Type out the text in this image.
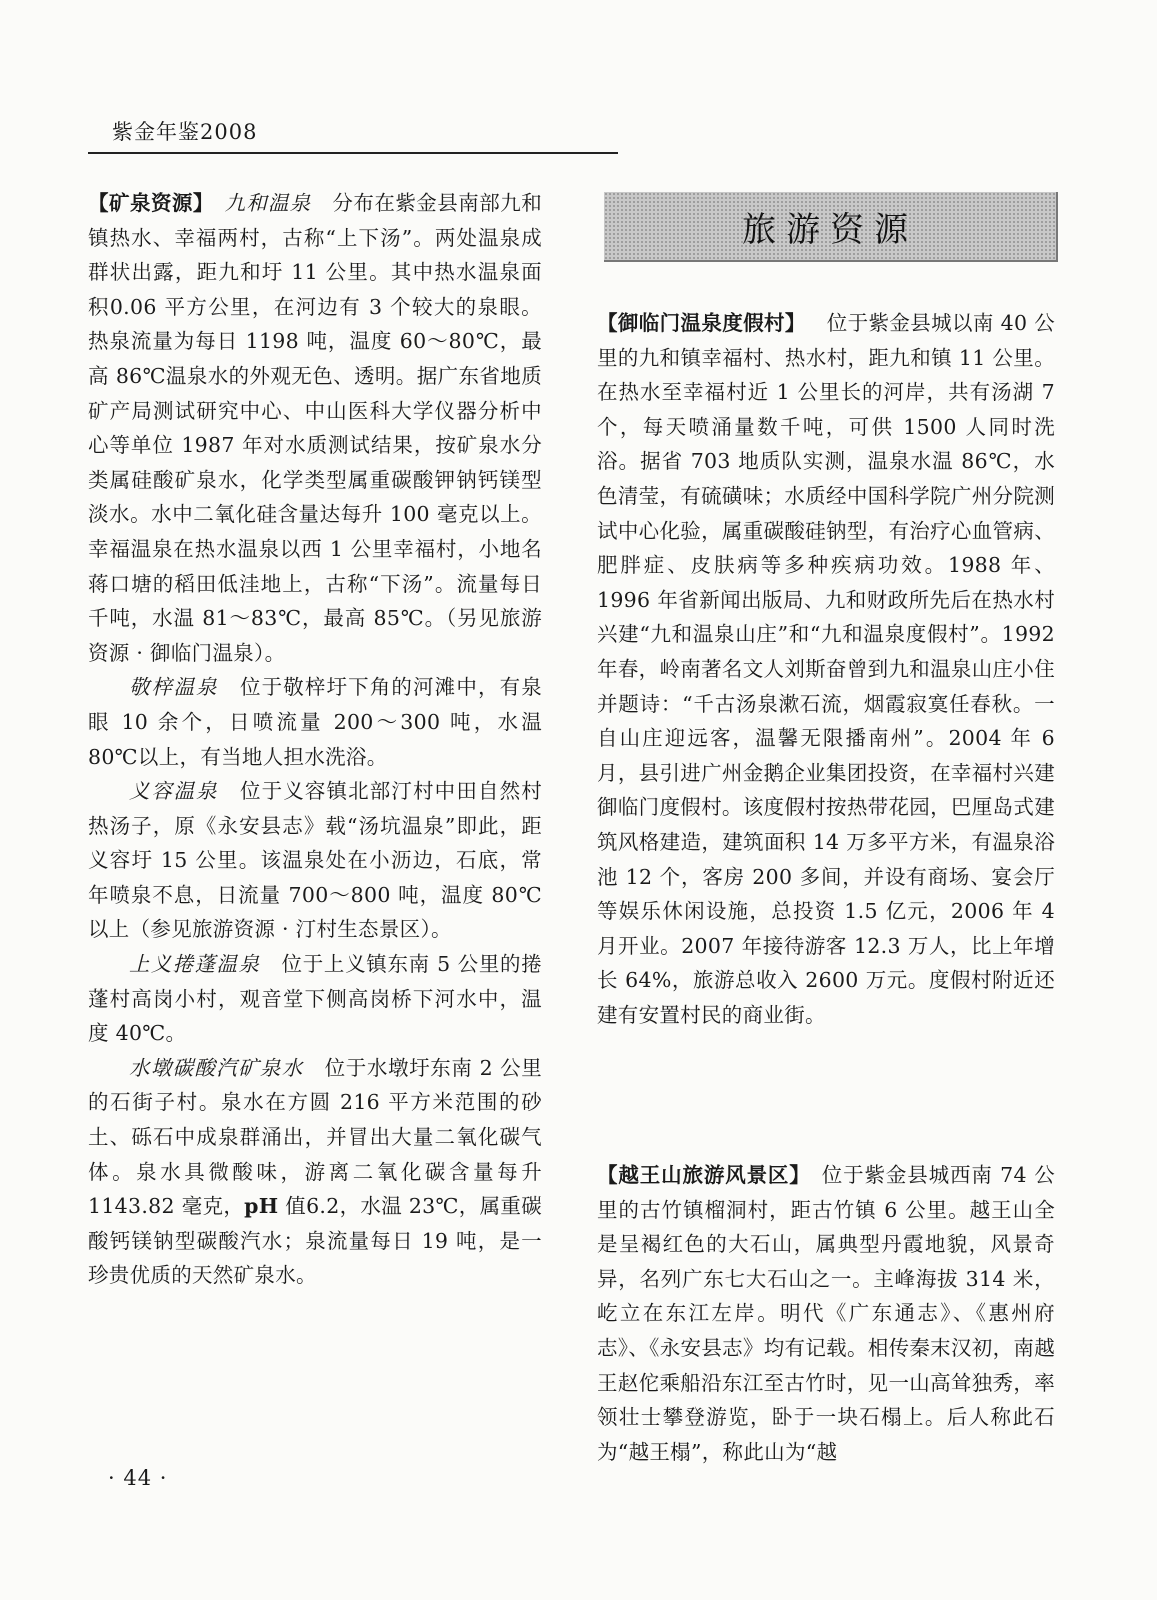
紫金年鉴2008

【矿泉资源】  九和温泉  分布在紫金县南部九和镇热水、幸福两村，古称“上下汤”。两处温泉成群状出露，距九和圩 11 公里。其中热水温泉面积0.06 平方公里，在河边有 3 个较大的泉眼。热泉流量为每日 1198 吨，温度 60～80℃，最高 86℃温泉水的外观无色、透明。据广东省地质矿产局测试研究中心、中山医科大学仪器分析中心等单位 1987 年对水质测试结果，按矿泉水分类属硅酸矿泉水，化学类型属重碳酸钾钠钙镁型淡水。水中二氧化硅含量达每升 100 毫克以上。幸福温泉在热水温泉以西 1 公里幸福村，小地名蒋口塘的稻田低洼地上，古称“下汤”。流量每日千吨，水温 81～83℃，最高 85℃。（另见旅游资源 · 御临门温泉）。

敬梓温泉  位于敬梓圩下角的河滩中，有泉眼 10 余个，日喷流量 200～300 吨，水温 80℃以上，有当地人担水洗浴。

义容温泉  位于义容镇北部汀村中田自然村热汤子，原《永安县志》载“汤坑温泉”即此，距义容圩 15 公里。该温泉处在小沥边，石底，常年喷泉不息，日流量 700～800 吨，温度 80℃以上（参见旅游资源 · 汀村生态景区）。

上义捲蓬温泉  位于上义镇东南 5 公里的捲蓬村高岗小村，观音堂下侧高岗桥下河水中，温度 40℃。

水墩碳酸汽矿泉水  位于水墩圩东南 2 公里的石街子村。泉水在方圆 216 平方米范围的砂土、砾石中成泉群涌出，并冒出大量二氧化碳气体。泉水具微酸味，游离二氧化碳含量每升 1143.82 毫克，pH 值6.2，水温 23℃，属重碳酸钙镁钠型碳酸汽水；泉流量每日 19 吨，是一珍贵优质的天然矿泉水。

旅游资源

【御临门温泉度假村】  位于紫金县城以南 40 公里的九和镇幸福村、热水村，距九和镇 11 公里。在热水至幸福村近 1 公里长的河岸，共有汤湖 7 个，每天喷涌量数千吨，可供 1500 人同时洗浴。据省 703 地质队实测，温泉水温 86℃，水色清莹，有硫磺味；水质经中国科学院广州分院测试中心化验，属重碳酸硅钠型，有治疗心血管病、肥胖症、皮肤病等多种疾病功效。1988 年、1996 年省新闻出版局、九和财政所先后在热水村兴建“九和温泉山庄”和“九和温泉度假村”。1992 年春，岭南著名文人刘斯奋曾到九和温泉山庄小住并题诗：“千古汤泉漱石流，烟霞寂寞任春秋。一自山庄迎远客，温馨无限播南州”。2004 年 6 月，县引进广州金鹅企业集团投资，在幸福村兴建御临门度假村。该度假村按热带花园，巴厘岛式建筑风格建造，建筑面积 14 万多平方米，有温泉浴池 12 个，客房 200 多间，并设有商场、宴会厅等娱乐休闲设施，总投资 1.5 亿元，2006 年 4 月开业。2007 年接待游客 12.3 万人，比上年增长 64%，旅游总收入 2600 万元。度假村附近还建有安置村民的商业街。

【越王山旅游风景区】  位于紫金县城西南 74 公里的古竹镇榴洞村，距古竹镇 6 公里。越王山全是呈褐红色的大石山，属典型丹霞地貌，风景奇异，名列广东七大石山之一。主峰海拔 314 米，屹立在东江左岸。明代《广东通志》、《惠州府志》、《永安县志》均有记载。相传秦末汉初，南越王赵佗乘船沿东江至古竹时，见一山高耸独秀，率领壮士攀登游览，卧于一块石榻上。后人称此石为“越王榻”，称此山为“越

· 44 ·
